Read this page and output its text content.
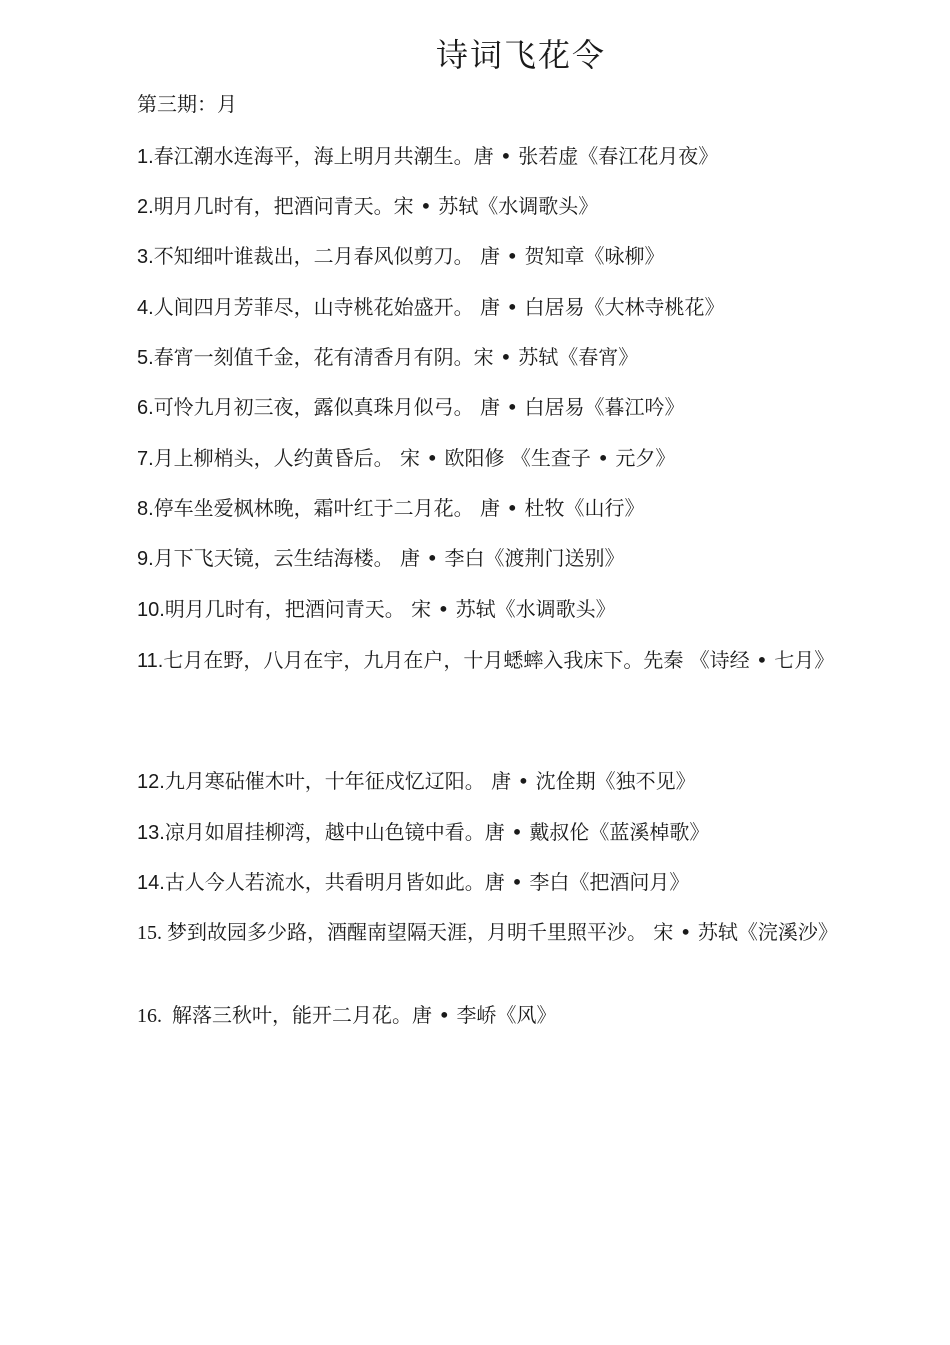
诗词飞花令
第三期：月
1.春江潮水连海平，海上明月共潮生。唐 • 张若虚《春江花月夜》
2.明月几时有，把酒问青天。宋 • 苏轼《水调歌头》
3.不知细叶谁裁出，二月春风似剪刀。 唐 • 贺知章《咏柳》
4.人间四月芳菲尽，山寺桃花始盛开。 唐 • 白居易《大林寺桃花》
5.春宵一刻值千金，花有清香月有阴。宋 • 苏轼《春宵》
6.可怜九月初三夜，露似真珠月似弓。 唐 • 白居易《暮江吟》
7.月上柳梢头，人约黄昏后。 宋 • 欧阳修 《生查子 • 元夕》
8.停车坐爱枫林晚，霜叶红于二月花。 唐 • 杜牧《山行》
9.月下飞天镜，云生结海楼。 唐 • 李白《渡荆门送别》
10.明月几时有，把酒问青天。 宋 • 苏轼《水调歌头》
11.七月在野，八月在宇，九月在户，十月蟋蟀入我床下。先秦 《诗经 • 七月》
12.九月寒砧催木叶，十年征戍忆辽阳。 唐 • 沈佺期《独不见》
13.凉月如眉挂柳湾，越中山色镜中看。唐 • 戴叔伦《蓝溪棹歌》
14.古人今人若流水，共看明月皆如此。唐 • 李白《把酒问月》
15. 梦到故园多少路，酒醒南望隔天涯，月明千里照平沙。 宋 • 苏轼《浣溪沙》
16.  解落三秋叶，能开二月花。唐 • 李峤《风》
